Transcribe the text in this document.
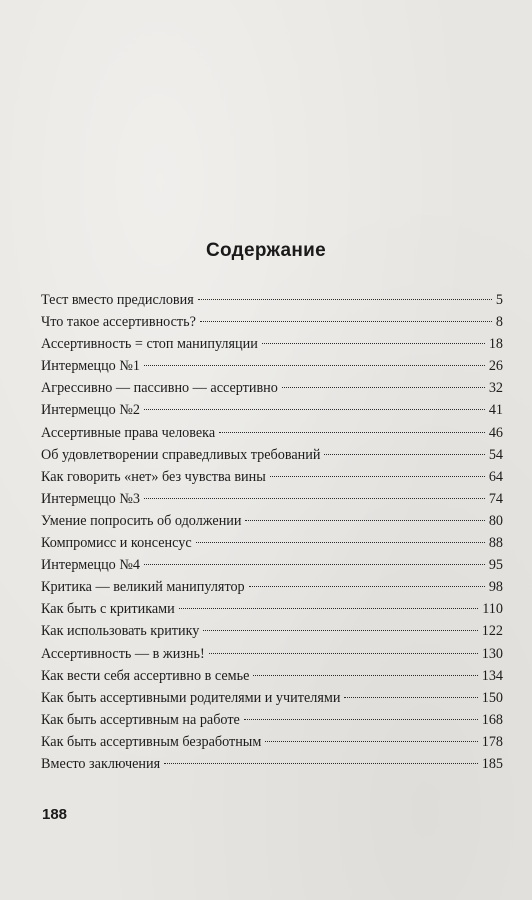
Содержание
Тест вместо предисловия	5
Что такое ассертивность?	8
Ассертивность = стоп манипуляции	18
Интермеццо №1	26
Агрессивно — пассивно — ассертивно	32
Интермеццо №2	41
Ассертивные права человека	46
Об удовлетворении справедливых требований	54
Как говорить «нет» без чувства вины	64
Интермеццо №3	74
Умение попросить об одолжении	80
Компромисс и консенсус	88
Интермеццо №4	95
Критика — великий манипулятор	98
Как быть с критиками	110
Как использовать критику	122
Ассертивность — в жизнь!	130
Как вести себя ассертивно в семье	134
Как быть ассертивными родителями и учителями	150
Как быть ассертивным на работе	168
Как быть ассертивным безработным	178
Вместо заключения	185
188
